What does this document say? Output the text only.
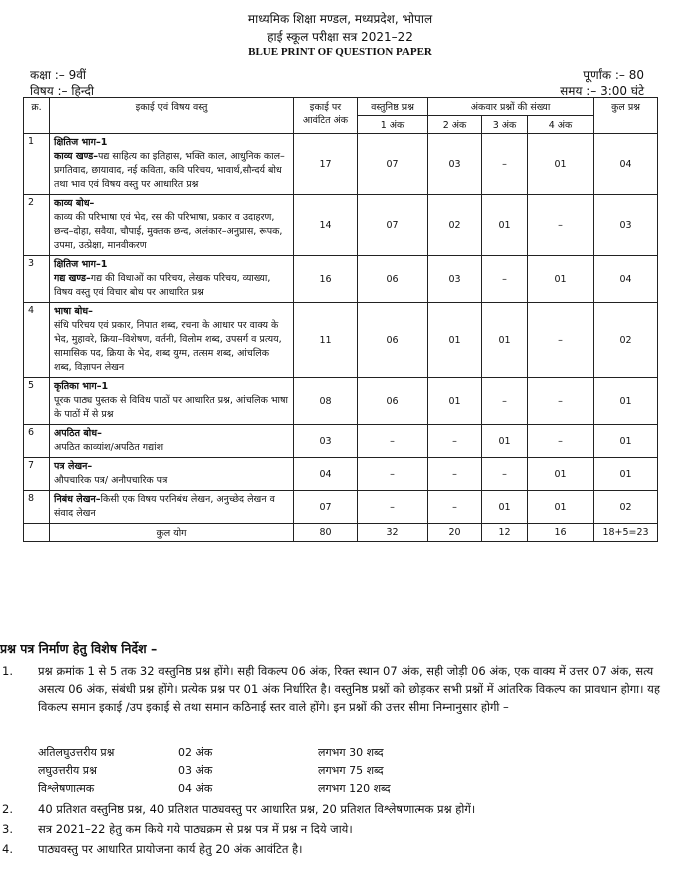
माध्यमिक शिक्षा मण्डल, मध्यप्रदेश, भोपाल
हाई स्कूल परीक्षा सत्र 2021–22
BLUE PRINT OF QUESTION PAPER
कक्षा :– 9वीं
विषय :– हिन्दी
पूर्णांक :– 80
समय :– 3:00 घंटे
क्र.	इकाई एवं विषय वस्तु	इकाई पर आवंटित अंक	वस्तुनिष्ठ प्रश्न	अंकवार प्रश्नों की संख्या			कुल प्रश्न
			1 अंक	2 अंक	3 अंक	4 अंक	
1	क्षितिज भाग–1
काव्य खण्ड–पद्य साहित्य का इतिहास, भक्ति काल, आधुनिक काल–प्रगतिवाद, छायावाद, नई कविता, कवि परिचय, भावार्थ,सौन्दर्य बोध तथा भाव एवं विषय वस्तु पर आधारित प्रश्न	17	07	03	–	01	04
2	काव्य बोध–
काव्य की परिभाषा एवं भेद, रस की परिभाषा, प्रकार व उदाहरण, छन्द–दोहा, सवैया, चौपाई, मुक्तक छन्द, अलंकार–अनुप्रास, रूपक, उपमा, उत्प्रेक्षा, मानवीकरण	14	07	02	01	–	03
3	क्षितिज भाग–1
गद्य खण्ड–गद्य की विधाओं का परिचय, लेखक परिचय, व्याख्या, विषय वस्तु एवं विचार बोध पर आधारित प्रश्न	16	06	03	–	01	04
4	भाषा बोध–
संधि परिचय एवं प्रकार, निपात शब्द, रचना के आधार पर वाक्य के भेद, मुहावरे, क्रिया–विशेषण, वर्तनी, विलोम शब्द, उपसर्ग व प्रत्यय, सामासिक पद, क्रिया के भेद, शब्द युग्म, तत्सम शब्द, आंचलिक शब्द, विज्ञापन लेखन	11	06	01	01	–	02
5	कृतिका भाग–1
पूरक पाठ्य पुस्तक से विविध पाठों पर आधारित प्रश्न, आंचलिक भाषा के पाठों में से प्रश्न	08	06	01	–	–	01
6	अपठित बोध–
अपठित काव्यांश/अपठित गद्यांश	03	–	–	01	–	01
7	पत्र लेखन–
औपचारिक पत्र/ अनौपचारिक पत्र	04	–	–	–	01	01
8	निबंध लेखन–किसी एक विषय परनिबंध लेखन, अनुच्छेद लेखन व संवाद लेखन	07	–	–	01	01	02
	कुल योग	80	32	20	12	16	18+5=23
प्रश्न पत्र निर्माण हेतु विशेष निर्देश –
1. प्रश्न क्रमांक 1 से 5 तक 32 वस्तुनिष्ठ प्रश्न होंगे। सही विकल्प 06 अंक, रिक्त स्थान 07 अंक, सही जोड़ी 06 अंक, एक वाक्य में उत्तर 07 अंक, सत्य असत्य 06 अंक, संबंधी प्रश्न होंगे। प्रत्येक प्रश्न पर 01 अंक निर्धारित है। वस्तुनिष्ठ प्रश्नों को छोड़कर सभी प्रश्नों में आंतरिक विकल्प का प्रावधान होगा। यह विकल्प समान इकाई /उप इकाई से तथा समान कठिनाई स्तर वाले होंगे। इन प्रश्नों की उत्तर सीमा निम्नानुसार होगी –
अतिलघुउत्तरीय प्रश्न	02 अंक	लगभग 30 शब्द
लघुउत्तरीय प्रश्न	03 अंक	लगभग 75 शब्द
विश्लेषणात्मक	04 अंक	लगभग 120 शब्द
2. 40 प्रतिशत वस्तुनिष्ठ प्रश्न, 40 प्रतिशत पाठ्यवस्तु पर आधारित प्रश्न, 20 प्रतिशत विश्लेषणात्मक प्रश्न होगें।
3. सत्र 2021–22 हेतु कम किये गये पाठ्यक्रम से प्रश्न पत्र में प्रश्न न दिये जाये।
4. पाठ्यवस्तु पर आधारित प्रायोजना कार्य हेतु 20 अंक आवंटित है।
